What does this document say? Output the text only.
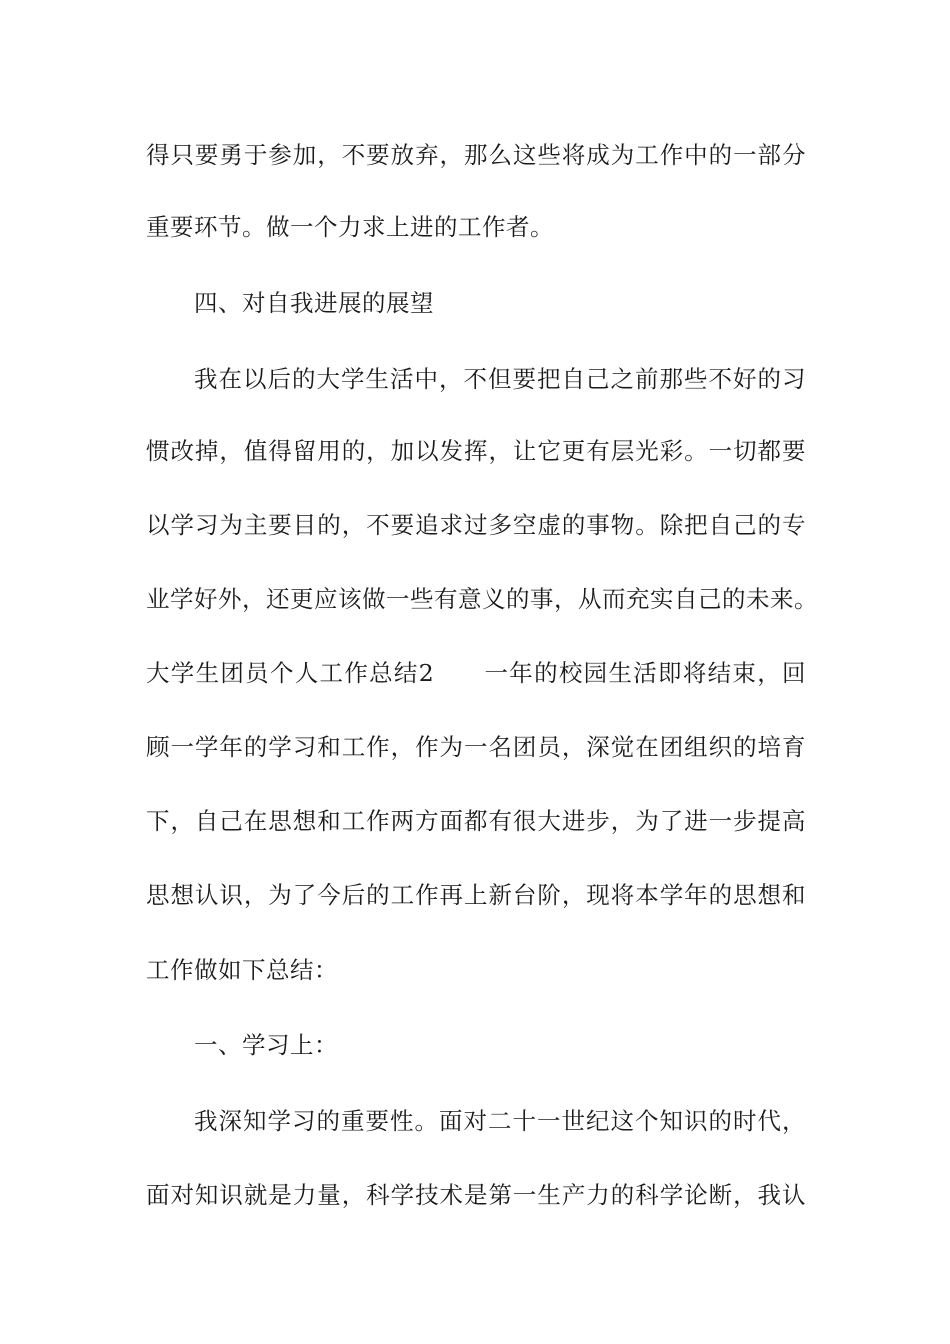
得只要勇于参加，不要放弃，那么这些将成为工作中的一部分
重要环节。做一个力求上进的工作者。
四、对自我进展的展望
我在以后的大学生活中，不但要把自己之前那些不好的习
惯改掉，值得留用的，加以发挥，让它更有层光彩。一切都要
以学习为主要目的，不要追求过多空虚的事物。除把自己的专
业学好外，还更应该做一些有意义的事，从而充实自己的未来。
大学生团员个人工作总结2　　一年的校园生活即将结束，回
顾一学年的学习和工作，作为一名团员，深觉在团组织的培育
下，自己在思想和工作两方面都有很大进步，为了进一步提高
思想认识，为了今后的工作再上新台阶，现将本学年的思想和
工作做如下总结：
一、学习上：
我深知学习的重要性。面对二十一世纪这个知识的时代，
面对知识就是力量，科学技术是第一生产力的科学论断，我认
